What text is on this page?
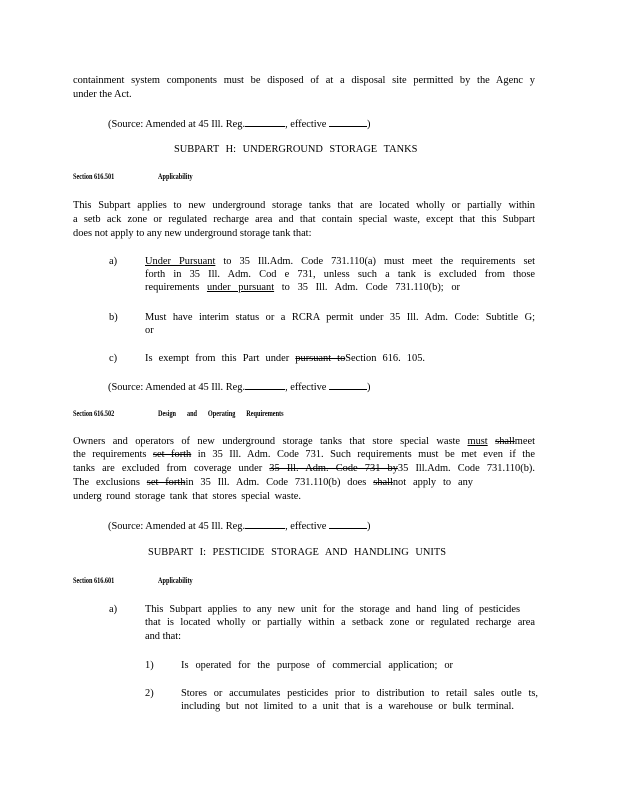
containment system components must be disposed of at a disposal site permitted by the Agenc y
under the Act.
(Source: Amended at 45 Ill. Reg.	, effective	)
SUBPART H: UNDERGROUND STORAGE TANKS
Section 616.501	Applicability
This Subpart applies to new underground storage tanks that are located wholly or partially within
a setb ack zone or regulated recharge area and that contain special waste, except that this Subpart
does not apply to any new underground storage tank that:
a)	Under Pursuant to 35 Ill.Adm. Code 731.110(a) must meet the requirements set
forth in 35 Ill. Adm. Cod e 731, unless such a tank is excluded from those
requirements under pursuant to 35 Ill. Adm. Code 731.110(b); or
b)	Must have interim status or a RCRA permit under 35 Ill. Adm. Code: Subtitle G;
or
c)	Is exempt from this Part under pursuant toSection 616. 105.
(Source: Amended at 45 Ill. Reg.	, effective	)
Section 616.502	Design and Operating Requirements
Owners and operators of new underground storage tanks that store special waste must shallmeet
the requirements set forth in 35 Ill. Adm. Code 731. Such requirements must be met even if the
tanks are excluded from coverage under 35 Ill. Adm. Code 731 by35 Ill.Adm. Code 731.110(b).
The exclusions set forthin 35 Ill. Adm. Code 731.110(b) does shallnot apply to any
underg round storage tank that stores special waste.
(Source: Amended at 45 Ill. Reg.	, effective	)
SUBPART I: PESTICIDE STORAGE AND HANDLING UNITS
Section 616.601	Applicability
a)	This Subpart applies to any new unit for the storage and hand ling of pesticides
that is located wholly or partially within a setback zone or regulated recharge area
and that:
1)	Is operated for the purpose of commercial application; or
2)	Stores or accumulates pesticides prior to distribution to retail sales outle ts,
including but not limited to a unit that is a warehouse or bulk terminal.
